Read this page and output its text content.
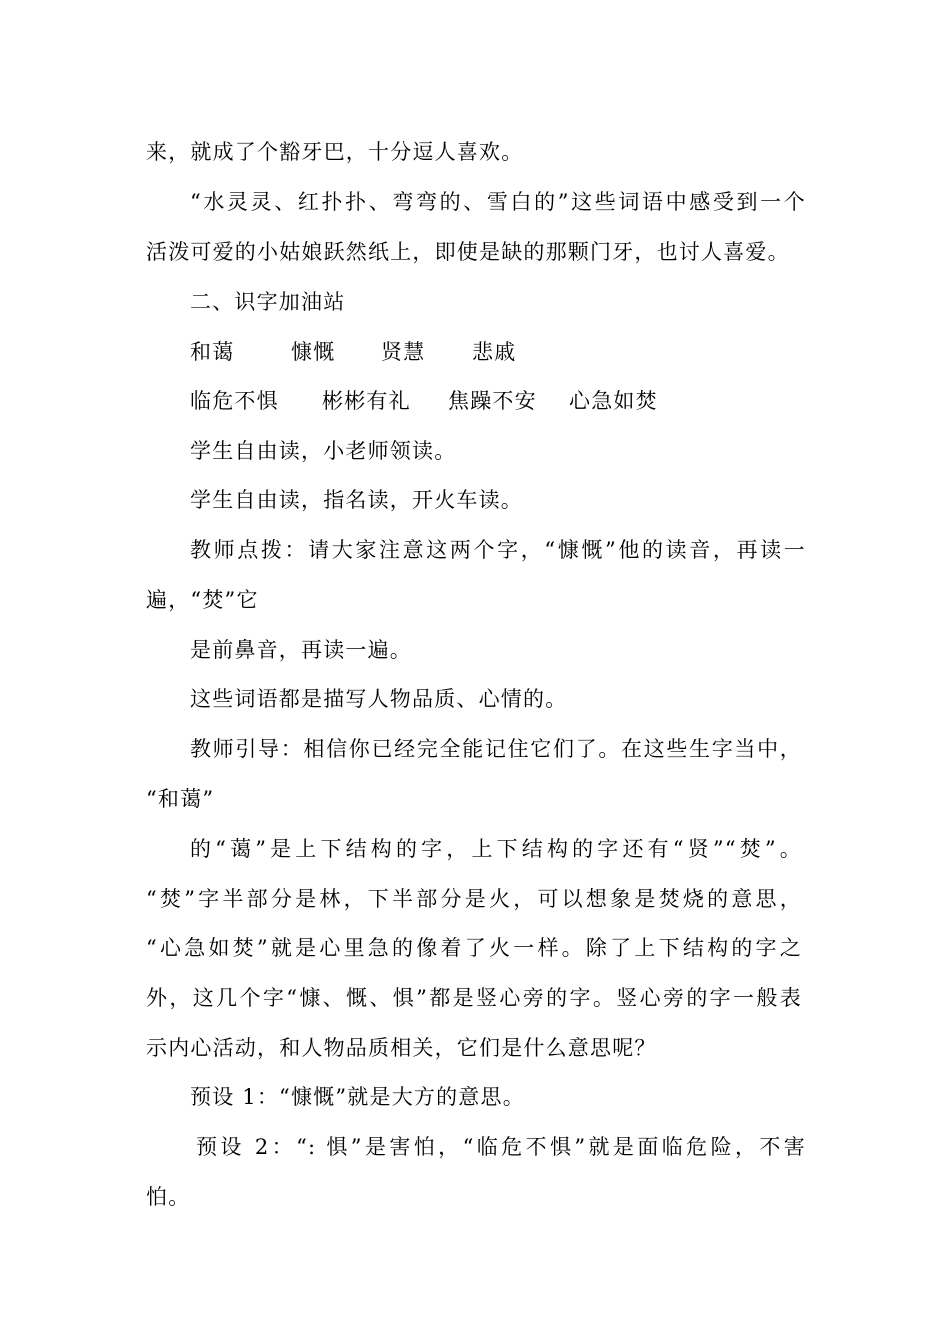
来，就成了个豁牙巴，十分逗人喜欢。
“水灵灵、红扑扑、弯弯的、雪白的”这些词语中感受到一个
活泼可爱的小姑娘跃然纸上，即使是缺的那颗门牙，也讨人喜爱。
二、识字加油站
和蔼	慷慨 贤慧 悲戚
临危不惧 彬彬有礼 焦躁不安 心急如焚
学生自由读，小老师领读。
学生自由读，指名读，开火车读。
教师点拨：请大家注意这两个字，“慷慨”他的读音，再读一
遍，“焚”它
是前鼻音，再读一遍。
这些词语都是描写人物品质、心情的。
教师引导：相信你已经完全能记住它们了。在这些生字当中，
“和蔼”
的“蔼”是上下结构的字，上下结构的字还有“贤”“焚”。
“焚”字半部分是林，下半部分是火，可以想象是焚烧的意思，
“心急如焚”就是心里急的像着了火一样。除了上下结构的字之
外，这几个字“慷、慨、惧”都是竖心旁的字。竖心旁的字一般表
示内心活动，和人物品质相关，它们是什么意思呢？
预设 1：“慷慨”就是大方的意思。
预设 2：“: 惧”是害怕，“临危不惧”就是面临危险，不害
怕。
